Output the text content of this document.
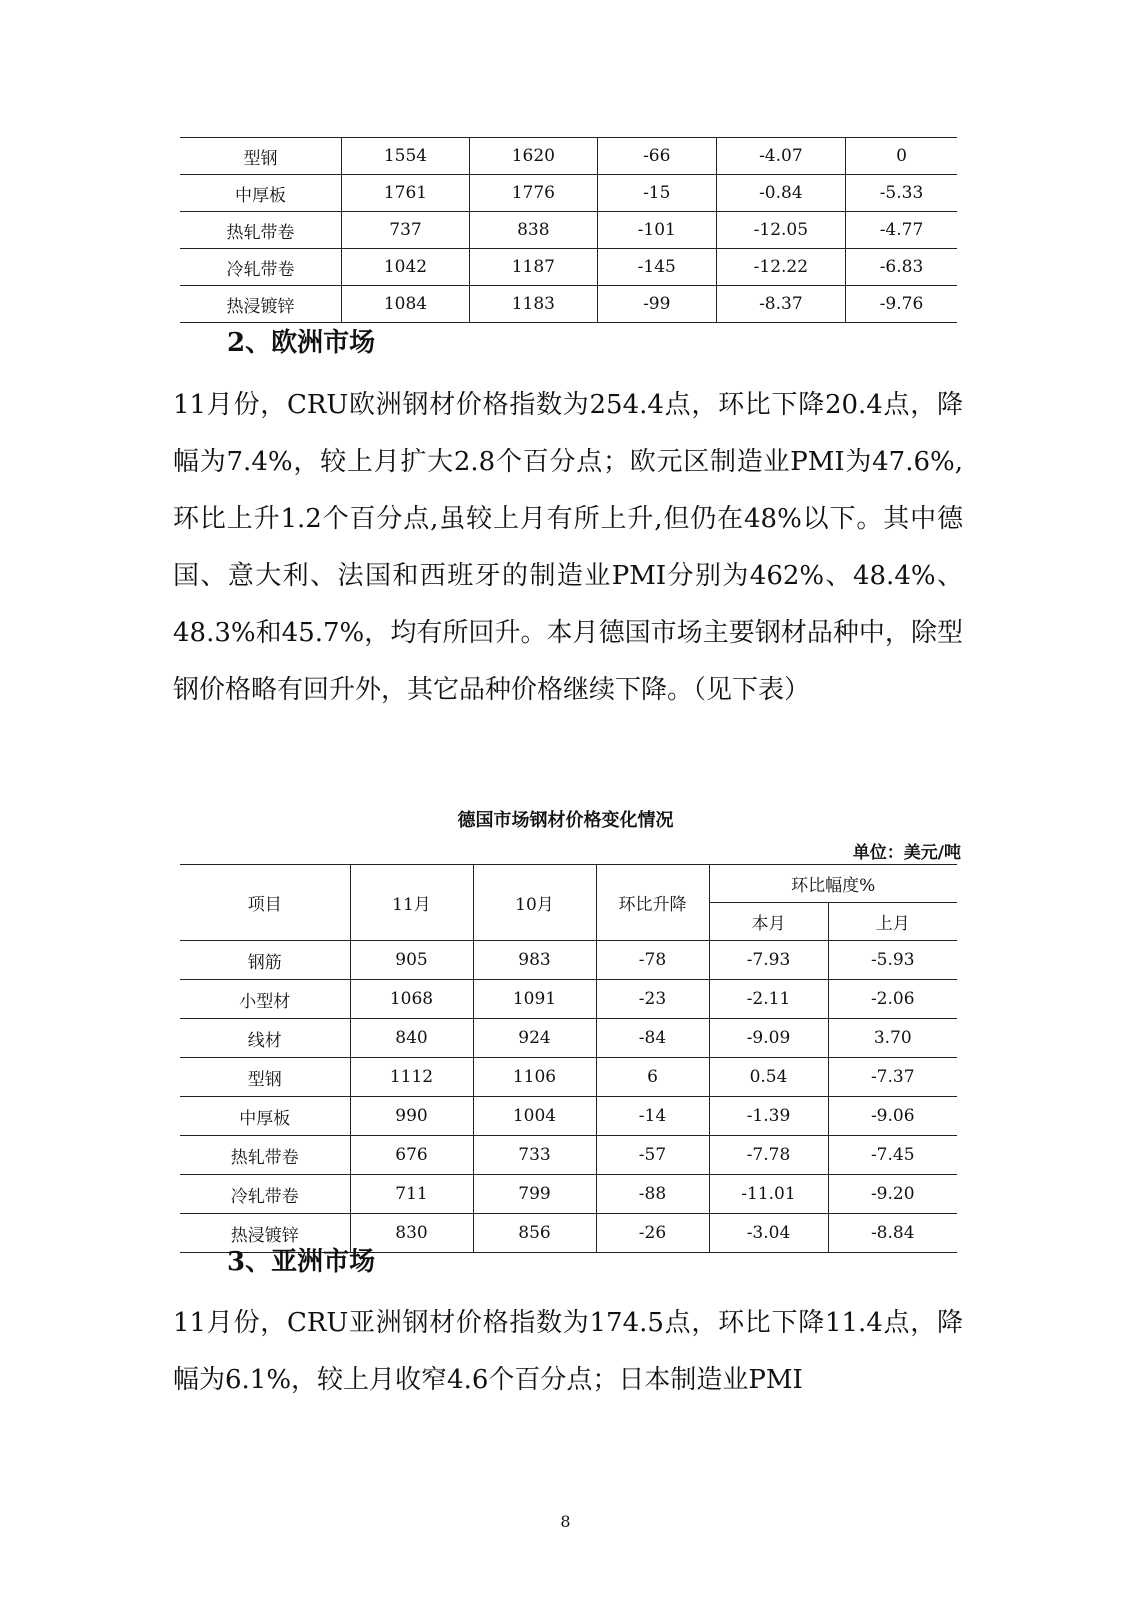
型钢	1554	1620	-66	-4.07	0
中厚板	1761	1776	-15	-0.84	-5.33
热轧带卷	737	838	-101	-12.05	-4.77
冷轧带卷	1042	1187	-145	-12.22	-6.83
热浸镀锌	1084	1183	-99	-8.37	-9.76
2、欧洲市场

11月份，CRU欧洲钢材价格指数为254.4点，环比下降20.4点，降幅为7.4%，较上月扩大2.8个百分点；欧元区制造业PMI为47.6%,环比上升1.2个百分点,虽较上月有所上升,但仍在48%以下。其中德国、意大利、法国和西班牙的制造业PMI分别为462%、48.4%、48.3%和45.7%，均有所回升。本月德国市场主要钢材品种中，除型钢价格略有回升外，其它品种价格继续下降。（见下表）

德国市场钢材价格变化情况
单位：美元/吨
项目	11月	10月	环比升降	环比幅度%	
				本月	上月
钢筋	905	983	-78	-7.93	-5.93
小型材	1068	1091	-23	-2.11	-2.06
线材	840	924	-84	-9.09	3.70
型钢	1112	1106	6	0.54	-7.37
中厚板	990	1004	-14	-1.39	-9.06
热轧带卷	676	733	-57	-7.78	-7.45
冷轧带卷	711	799	-88	-11.01	-9.20
热浸镀锌	830	856	-26	-3.04	-8.84
3、亚洲市场

11月份，CRU亚洲钢材价格指数为174.5点，环比下降11.4点，降幅为6.1%，较上月收窄4.6个百分点；日本制造业PMI

8
